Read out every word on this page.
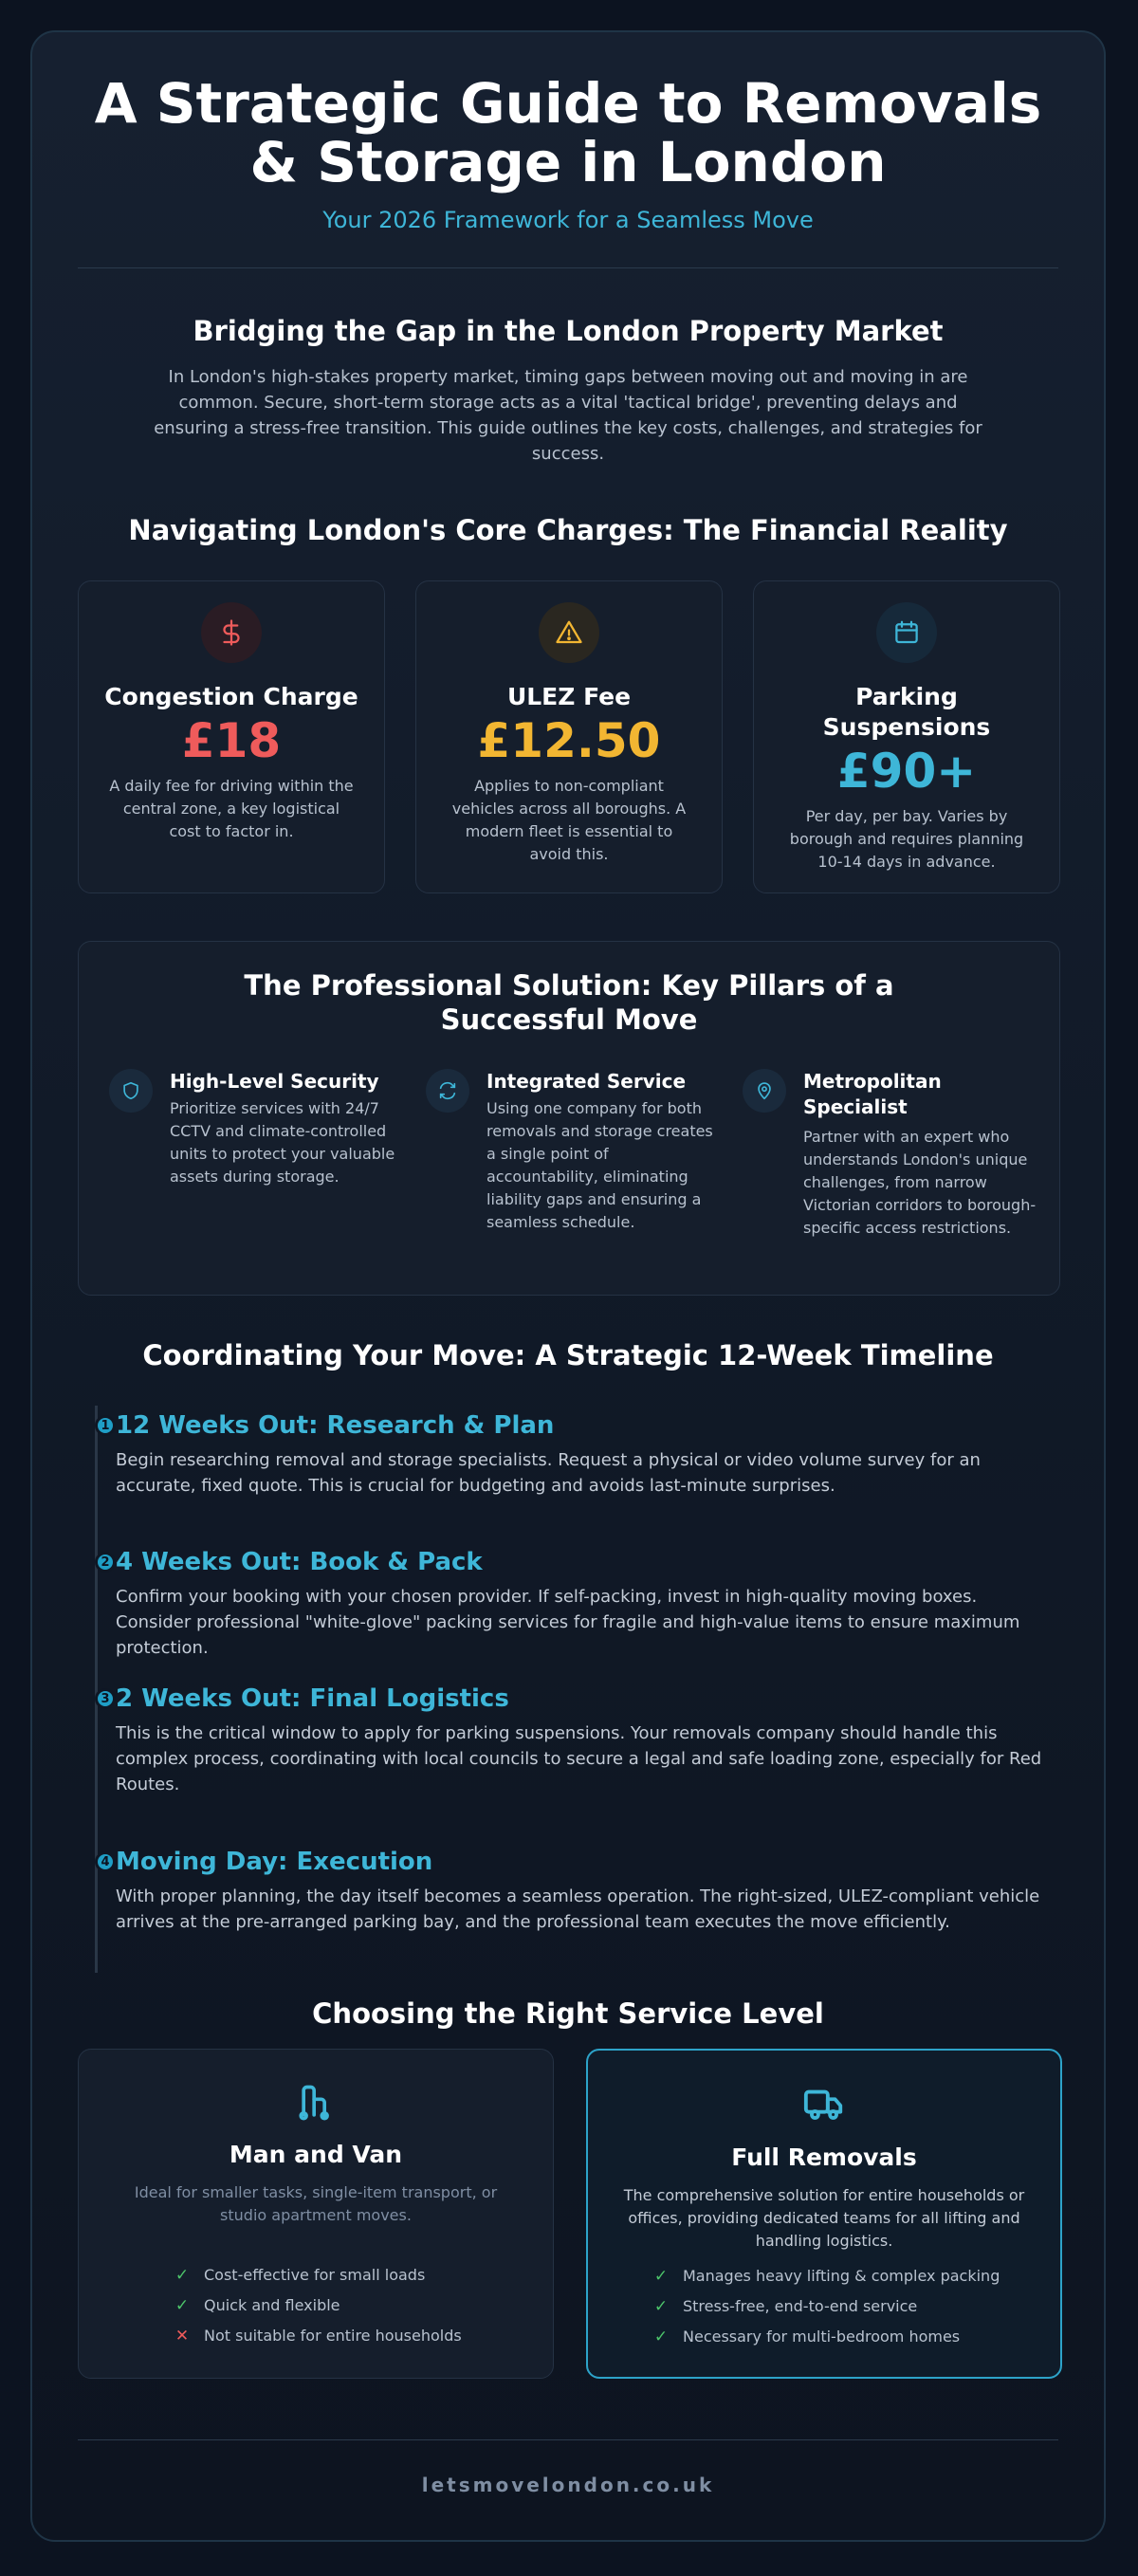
A Strategic Guide to Removals
& Storage in London
Your 2026 Framework for a Seamless Move
Bridging the Gap in the London Property Market
In London's high-stakes property market, timing gaps between moving out and moving in are common. Secure, short-term storage acts as a vital 'tactical bridge', preventing delays and ensuring a stress-free transition. This guide outlines the key costs, challenges, and strategies for success.
Navigating London's Core Charges: The Financial Reality
Congestion Charge
£18
A daily fee for driving within the central zone, a key logistical cost to factor in.
ULEZ Fee
£12.50
Applies to non-compliant vehicles across all boroughs. A modern fleet is essential to avoid this.
Parking Suspensions
£90+
Per day, per bay. Varies by borough and requires planning 10-14 days in advance.
The Professional Solution: Key Pillars of a Successful Move
High-Level Security
Prioritize services with 24/7 CCTV and climate-controlled units to protect your valuable assets during storage.
Integrated Service
Using one company for both removals and storage creates a single point of accountability, eliminating liability gaps and ensuring a seamless schedule.
Metropolitan Specialist
Partner with an expert who understands London's unique challenges, from narrow Victorian corridors to borough-specific access restrictions.
Coordinating Your Move: A Strategic 12-Week Timeline
1 12 Weeks Out: Research & Plan
Begin researching removal and storage specialists. Request a physical or video volume survey for an accurate, fixed quote. This is crucial for budgeting and avoids last-minute surprises.
2 4 Weeks Out: Book & Pack
Confirm your booking with your chosen provider. If self-packing, invest in high-quality moving boxes. Consider professional "white-glove" packing services for fragile and high-value items to ensure maximum protection.
3 2 Weeks Out: Final Logistics
This is the critical window to apply for parking suspensions. Your removals company should handle this complex process, coordinating with local councils to secure a legal and safe loading zone, especially for Red Routes.
4 Moving Day: Execution
With proper planning, the day itself becomes a seamless operation. The right-sized, ULEZ-compliant vehicle arrives at the pre-arranged parking bay, and the professional team executes the move efficiently.
Choosing the Right Service Level
Man and Van
Ideal for smaller tasks, single-item transport, or studio apartment moves.
✓ Cost-effective for small loads
✓ Quick and flexible
✕ Not suitable for entire households
Full Removals
The comprehensive solution for entire households or offices, providing dedicated teams for all lifting and handling logistics.
✓ Manages heavy lifting & complex packing
✓ Stress-free, end-to-end service
✓ Necessary for multi-bedroom homes
letsmovelondon.co.uk
